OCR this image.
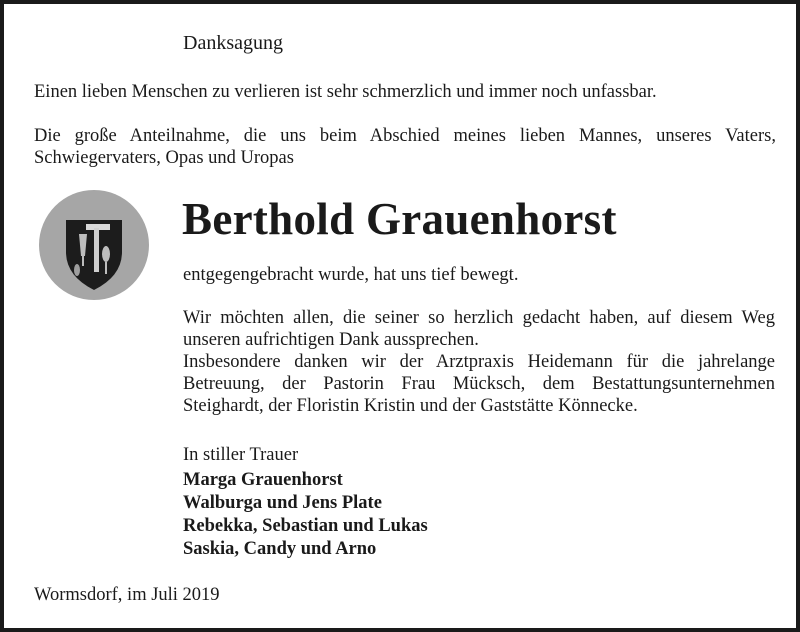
Danksagung
Einen lieben Menschen zu verlieren ist sehr schmerzlich und immer noch unfassbar.
Die große Anteilnahme, die uns beim Abschied meines lieben Mannes, unseres Vaters, Schwiegervaters, Opas und Uropas
Berthold Grauenhorst
entgegengebracht wurde, hat uns tief bewegt.

Wir möchten allen, die seiner so herzlich gedacht haben, auf diesem Weg unseren aufrichtigen Dank aussprechen.

Insbesondere danken wir der Arztpraxis Heidemann für die jahrelange Betreuung, der Pastorin Frau Mücksch, dem Bestattungsunternehmen Steighardt, der Floristin Kristin und der Gaststätte Könnecke.

In stiller Trauer
Marga Grauenhorst
Walburga und Jens Plate
Rebekka, Sebastian und Lukas
Saskia, Candy und Arno
Wormsdorf, im Juli 2019
